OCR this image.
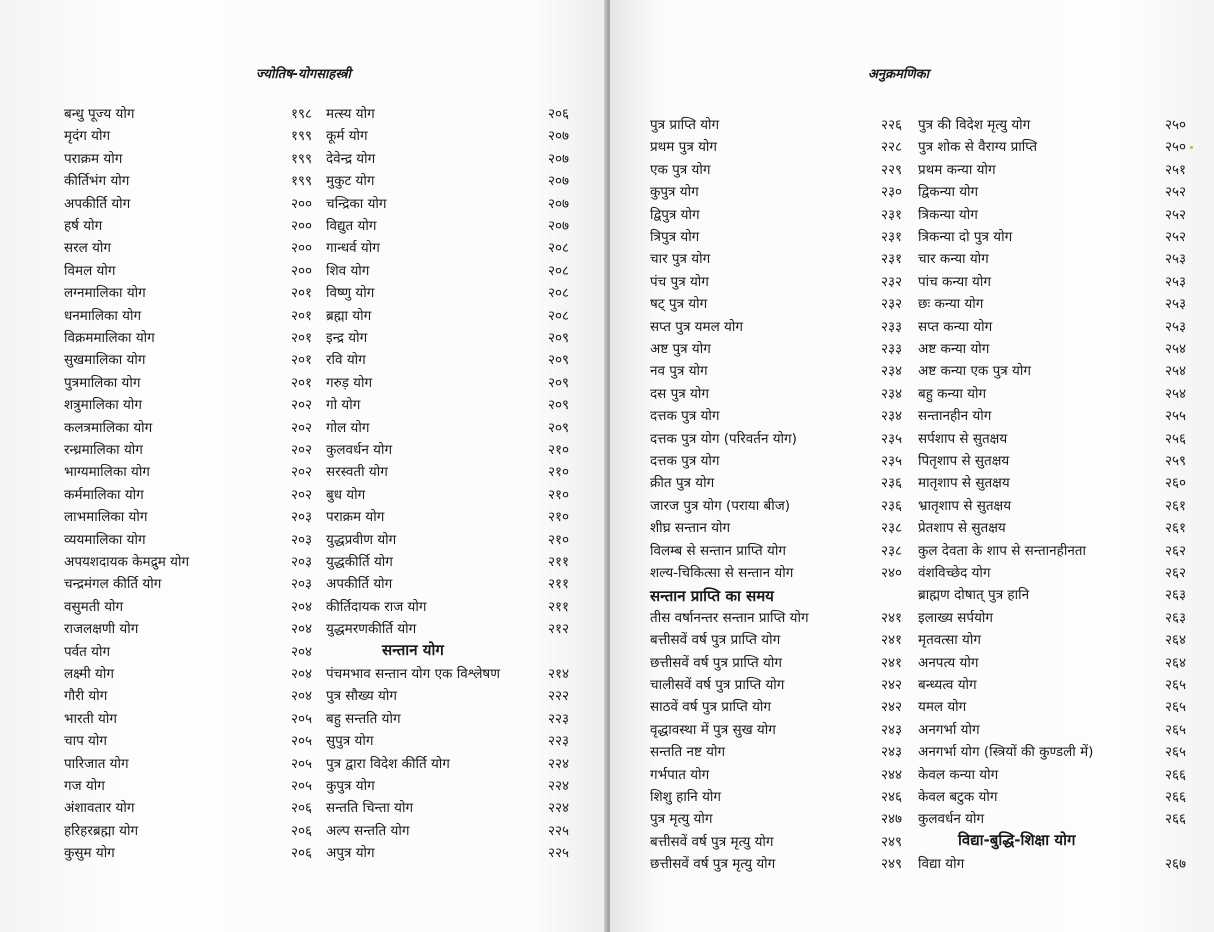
ज्योतिष-योगसाहस्त्री
बन्धु पूज्य योग	१९८
मृदंग योग	१९९
पराक्रम योग	१९९
कीर्तिभंग योग	१९९
अपकीर्ति योग	२००
हर्ष योग	२००
सरल योग	२००
विमल योग	२००
लग्नमालिका योग	२०१
धनमालिका योग	२०१
विक्रममालिका योग	२०१
सुखमालिका योग	२०१
पुत्रमालिका योग	२०१
शत्रुमालिका योग	२०२
कलत्रमालिका योग	२०२
रन्ध्रमालिका योग	२०२
भाग्यमालिका योग	२०२
कर्ममालिका योग	२०२
लाभमालिका योग	२०३
व्ययमालिका योग	२०३
अपयशदायक केमद्रुम योग	२०३
चन्द्रमंगल कीर्ति योग	२०३
वसुमती योग	२०४
राजलक्षणी योग	२०४
पर्वत योग	२०४
लक्ष्मी योग	२०४
गौरी योग	२०४
भारती योग	२०५
चाप योग	२०५
पारिजात योग	२०५
गज योग	२०५
अंशावतार योग	२०६
हरिहरब्रह्मा योग	२०६
कुसुम योग	२०६
मत्स्य योग	२०६
कूर्म योग	२०७
देवेन्द्र योग	२०७
मुकुट योग	२०७
चन्द्रिका योग	२०७
विद्युत योग	२०७
गान्धर्व योग	२०८
शिव योग	२०८
विष्णु योग	२०८
ब्रह्मा योग	२०८
इन्द्र योग	२०९
रवि योग	२०९
गरुड़ योग	२०९
गो योग	२०९
गोल योग	२०९
कुलवर्धन योग	२१०
सरस्वती योग	२१०
बुध योग	२१०
पराक्रम योग	२१०
युद्धप्रवीण योग	२१०
युद्धकीर्ति योग	२११
अपकीर्ति योग	२११
कीर्तिदायक राज योग	२११
युद्धमरणकीर्ति योग	२१२
पंचमभाव सन्तान योग एक विश्लेषण	२१४
पुत्र सौख्य योग	२२२
बहु सन्तति योग	२२३
सुपुत्र योग	२२३
पुत्र द्वारा विदेश कीर्ति योग	२२४
कुपुत्र योग	२२४
सन्तति चिन्ता योग	२२४
अल्प सन्तति योग	२२५
अपुत्र योग	२२५
सन्तान योग
अनुक्रमणिका
पुत्र प्राप्ति योग	२२६
प्रथम पुत्र योग	२२८
एक पुत्र योग	२२९
कुपुत्र योग	२३०
द्विपुत्र योग	२३१
त्रिपुत्र योग	२३१
चार पुत्र योग	२३१
पंच पुत्र योग	२३२
षट् पुत्र योग	२३२
सप्त पुत्र यमल योग	२३३
अष्ट पुत्र योग	२३३
नव पुत्र योग	२३४
दस पुत्र योग	२३४
दत्तक पुत्र योग	२३४
दत्तक पुत्र योग (परिवर्तन योग)	२३५
दत्तक पुत्र योग	२३५
क्रीत पुत्र योग	२३६
जारज पुत्र योग (पराया बीज)	२३६
शीघ्र सन्तान योग	२३८
विलम्ब से सन्तान प्राप्ति योग	२३८
शल्य-चिकित्सा से सन्तान योग	२४०
तीस वर्षानन्तर सन्तान प्राप्ति योग	२४१
बत्तीसवें वर्ष पुत्र प्राप्ति योग	२४१
छत्तीसवें वर्ष पुत्र प्राप्ति योग	२४१
चालीसवें वर्ष पुत्र प्राप्ति योग	२४२
साठवें वर्ष पुत्र प्राप्ति योग	२४२
वृद्धावस्था में पुत्र सुख योग	२४३
सन्तति नष्ट योग	२४३
गर्भपात योग	२४४
शिशु हानि योग	२४६
पुत्र मृत्यु योग	२४७
बत्तीसवें वर्ष पुत्र मृत्यु योग	२४९
छत्तीसवें वर्ष पुत्र मृत्यु योग	२४९
पुत्र की विदेश मृत्यु योग	२५०
पुत्र शोक से वैराग्य प्राप्ति	२५०
प्रथम कन्या योग	२५१
द्विकन्या योग	२५२
त्रिकन्या योग	२५२
त्रिकन्या दो पुत्र योग	२५२
चार कन्या योग	२५३
पांच कन्या योग	२५३
छः कन्या योग	२५३
सप्त कन्या योग	२५३
अष्ट कन्या योग	२५४
अष्ट कन्या एक पुत्र योग	२५४
बहु कन्या योग	२५४
सन्तानहीन योग	२५५
सर्पशाप से सुतक्षय	२५६
पितृशाप से सुतक्षय	२५९
मातृशाप से सुतक्षय	२६०
भ्रातृशाप से सुतक्षय	२६१
प्रेतशाप से सुतक्षय	२६१
कुल देवता के शाप से सन्तानहीनता	२६२
वंशविच्छेद योग	२६२
ब्राह्मण दोषात् पुत्र हानि	२६३
इलाख्य सर्पयोग	२६३
मृतवत्सा योग	२६४
अनपत्य योग	२६४
बन्ध्यत्व योग	२६५
यमल योग	२६५
अनगर्भा योग	२६५
अनगर्भा योग (स्त्रियों की कुण्डली में)	२६५
केवल कन्या योग	२६६
केवल बटुक योग	२६६
कुलवर्धन योग	२६६
विद्या योग	२६७
सन्तान प्राप्ति का समय
विद्या-बुद्धि-शिक्षा योग
